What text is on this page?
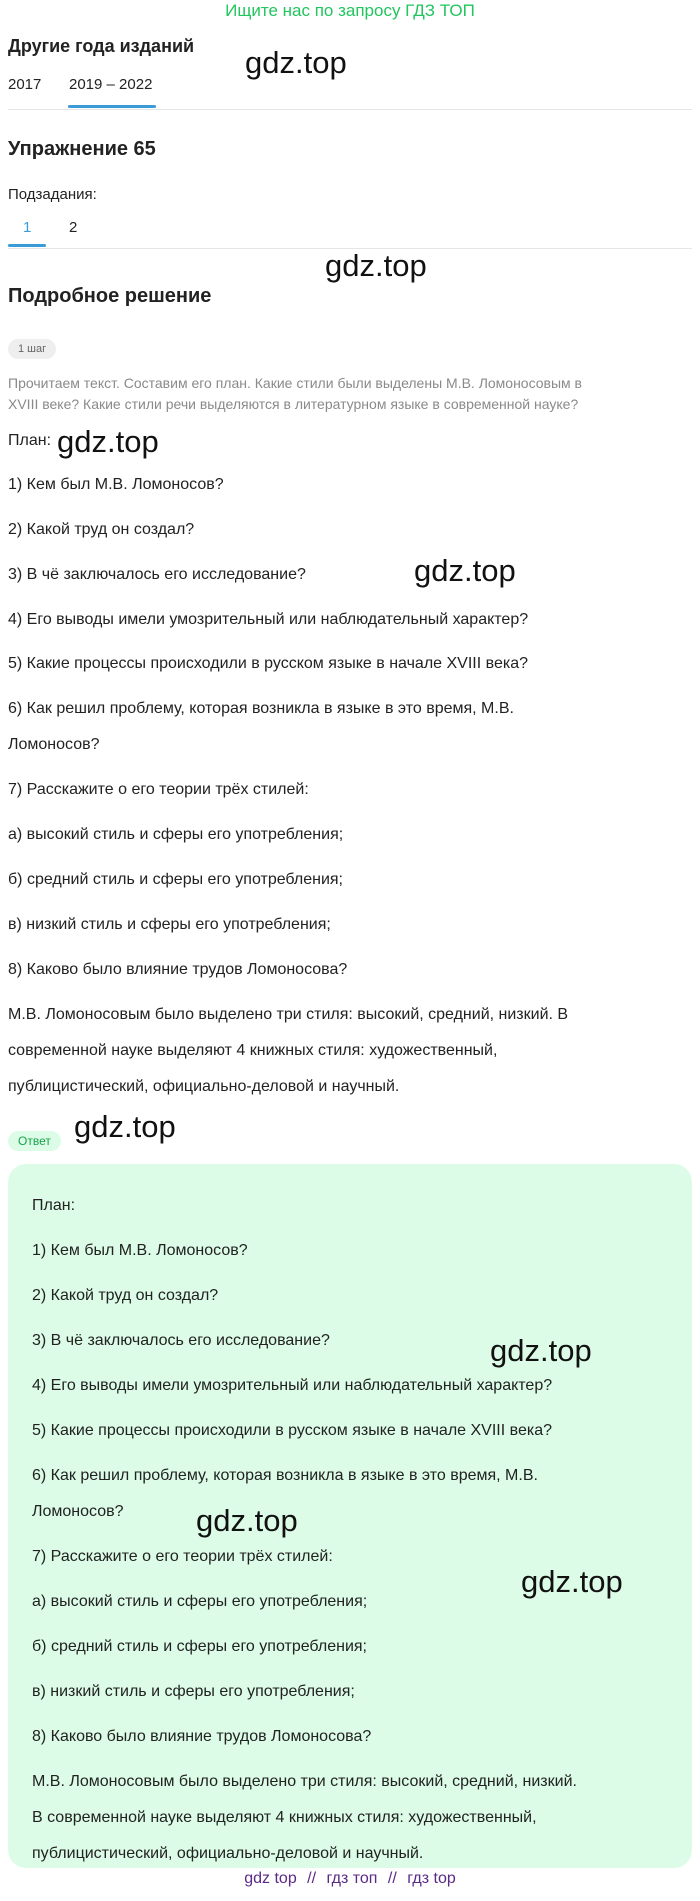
Ищите нас по запросу ГДЗ ТОП
Другие года изданий
2017 2019 – 2022
Упражнение 65
Подзадания:
1	2
Подробное решение
1 шаг
Прочитаем текст. Составим его план. Какие стили были выделены М.В. Ломоносовым в
XVIII веке? Какие стили речи выделяются в литературном языке в современной науке?
План:
1) Кем был М.В. Ломоносов?
2) Какой труд он создал?
3) В чё заключалось его исследование?
4) Его выводы имели умозрительный или наблюдательный характер?
5) Какие процессы происходили в русском языке в начале XVIII века?
6) Как решил проблему, которая возникла в языке в это время, М.В.
Ломоносов?
7) Расскажите о его теории трёх стилей:
а) высокий стиль и сферы его употребления;
б) средний стиль и сферы его употребления;
в) низкий стиль и сферы его употребления;
8) Каково было влияние трудов Ломоносова?
М.В. Ломоносовым было выделено три стиля: высокий, средний, низкий. В
современной науке выделяют 4 книжных стиля: художественный,
публицистический, официально-деловой и научный.
Ответ
План:
1) Кем был М.В. Ломоносов?
2) Какой труд он создал?
3) В чё заключалось его исследование?
4) Его выводы имели умозрительный или наблюдательный характер?
5) Какие процессы происходили в русском языке в начале XVIII века?
6) Как решил проблему, которая возникла в языке в это время, М.В.
Ломоносов?
7) Расскажите о его теории трёх стилей:
а) высокий стиль и сферы его употребления;
б) средний стиль и сферы его употребления;
в) низкий стиль и сферы его употребления;
8) Каково было влияние трудов Ломоносова?
М.В. Ломоносовым было выделено три стиля: высокий, средний, низкий.
В современной науке выделяют 4 книжных стиля: художественный,
публицистический, официально-деловой и научный.
gdz.top
gdz.top
gdz.top
gdz.top
gdz.top
gdz.top
gdz.top
gdz.top
gdz top // гдз топ // гдз top
